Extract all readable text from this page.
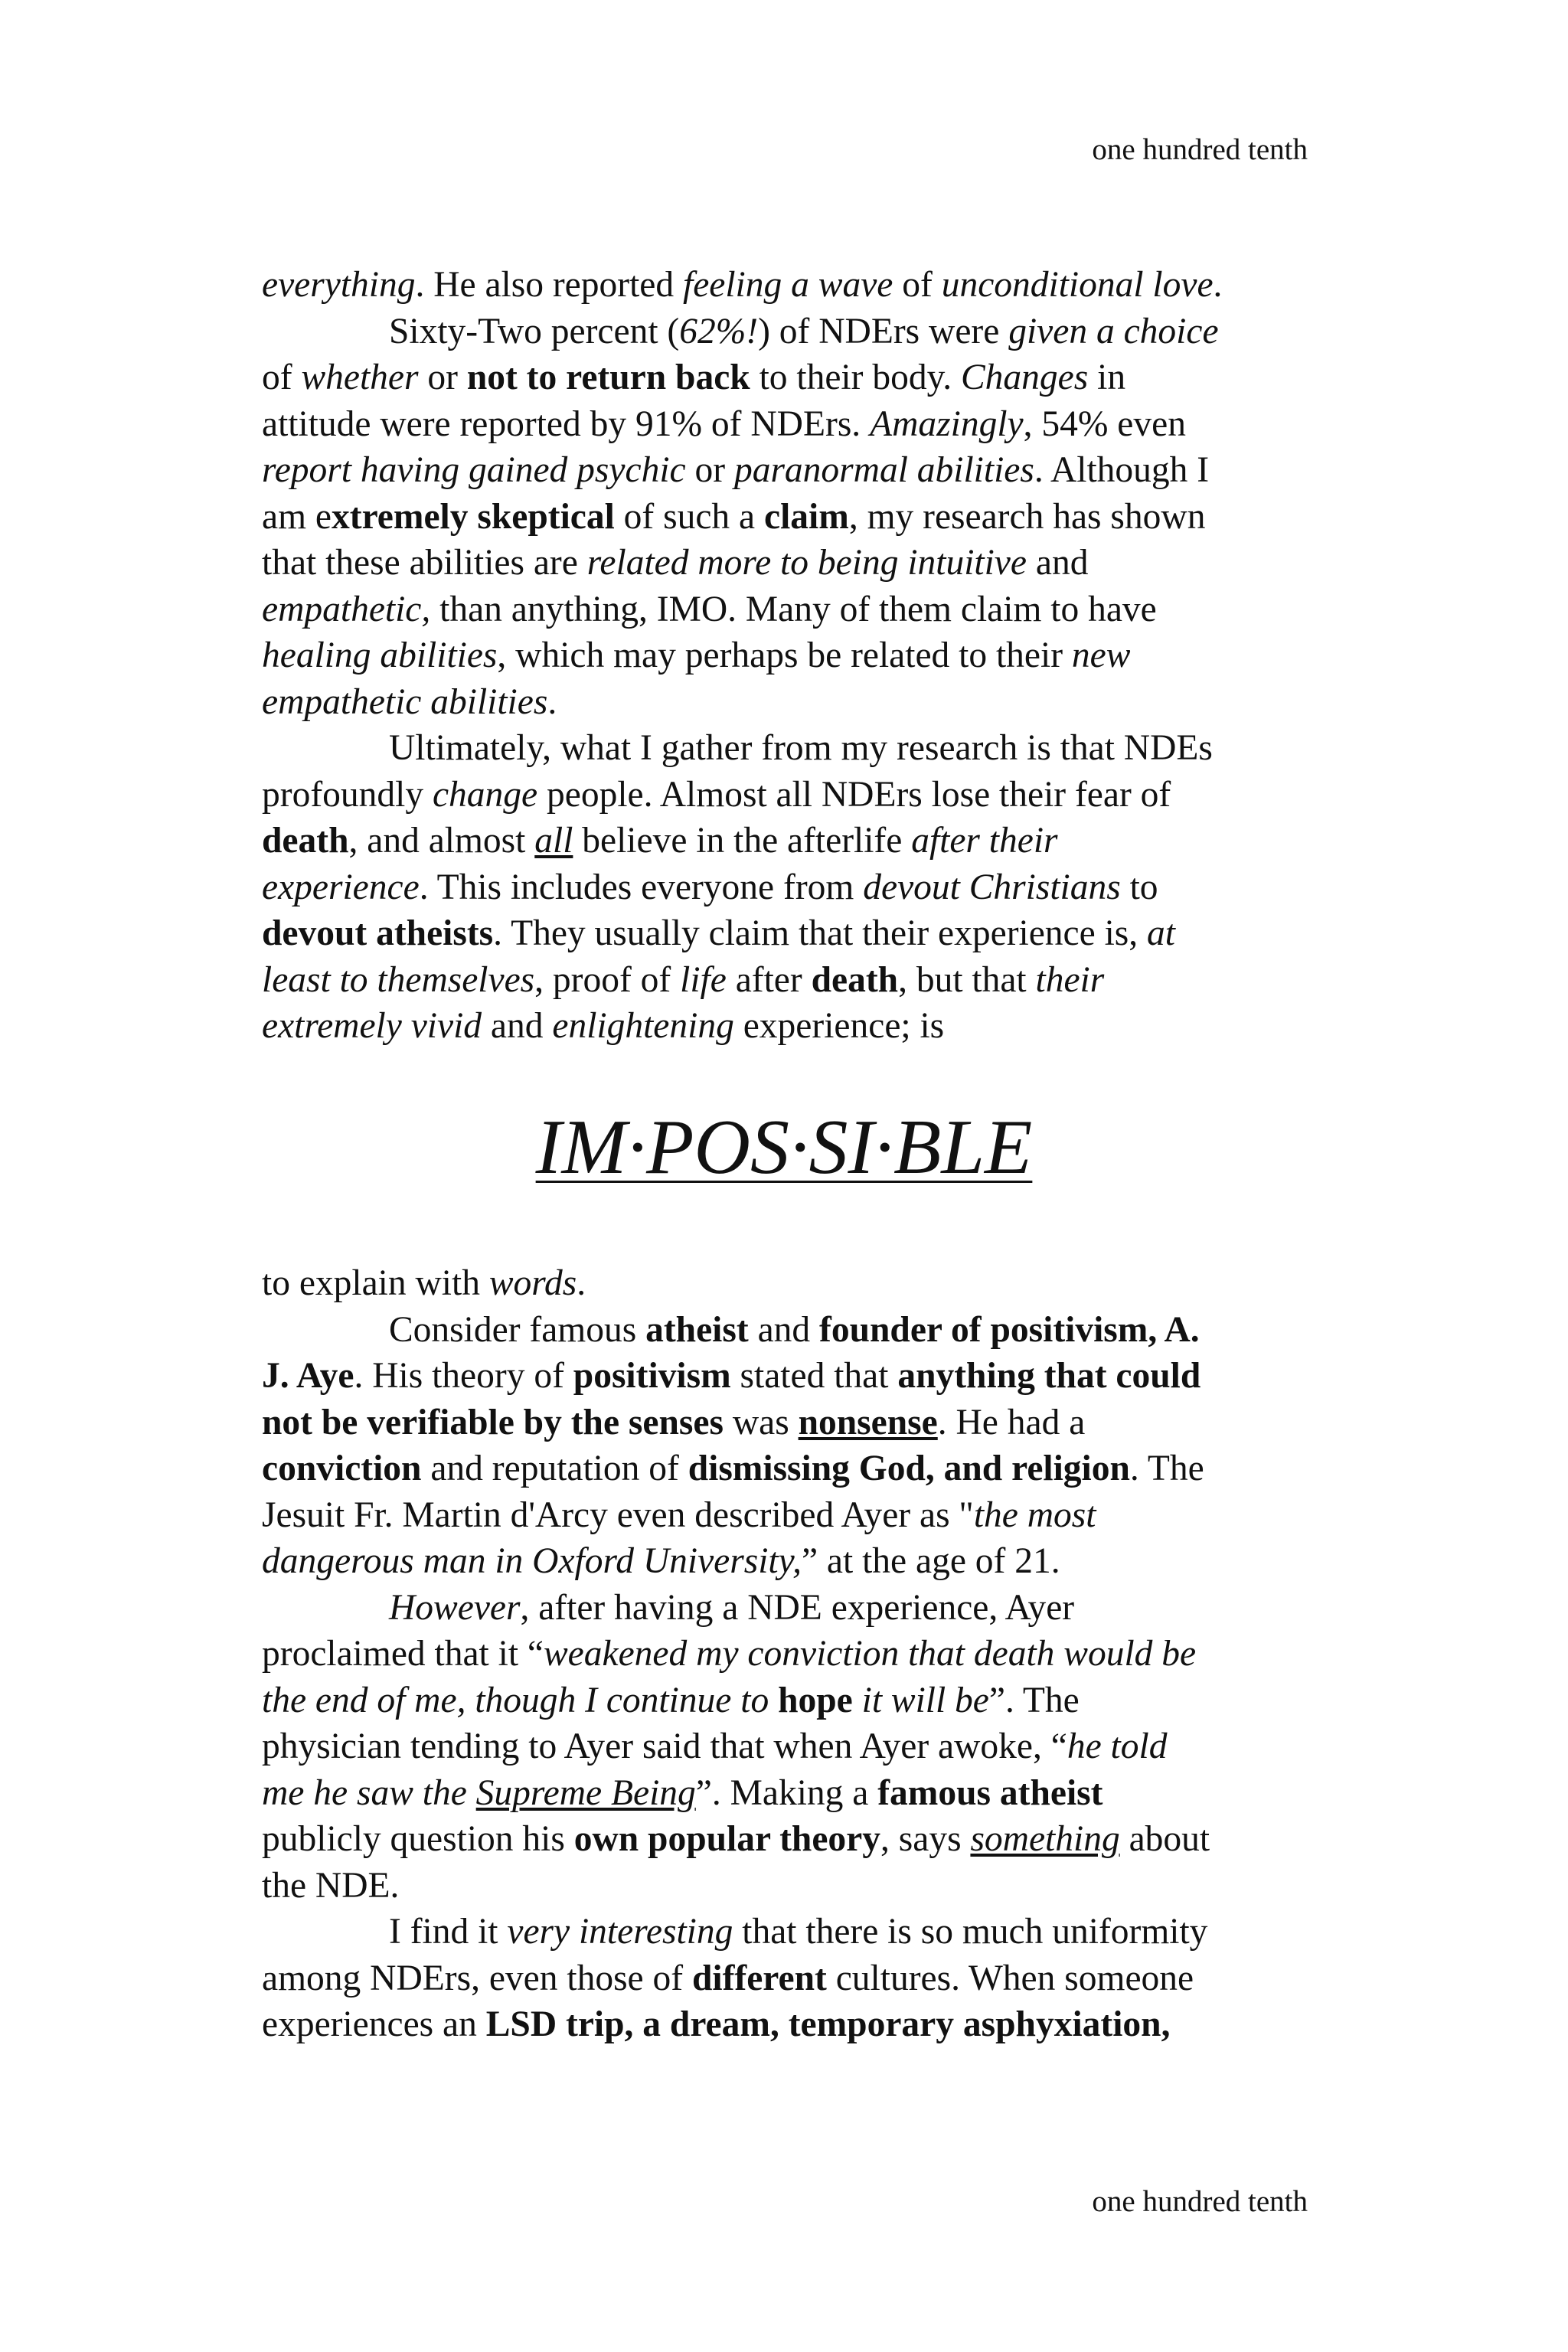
one hundred tenth
everything. He also reported feeling a wave of unconditional love.
Sixty-Two percent (62%!) of NDErs were given a choice
of whether or not to return back to their body. Changes in
attitude were reported by 91% of NDErs. Amazingly, 54% even
report having gained psychic or paranormal abilities. Although I
am extremely skeptical of such a claim, my research has shown
that these abilities are related more to being intuitive and
empathetic, than anything, IMO. Many of them claim to have
healing abilities, which may perhaps be related to their new
empathetic abilities.
Ultimately, what I gather from my research is that NDEs
profoundly change people. Almost all NDErs lose their fear of
death, and almost all believe in the afterlife after their
experience. This includes everyone from devout Christians to
devout atheists. They usually claim that their experience is, at
least to themselves, proof of life after death, but that their
extremely vivid and enlightening experience; is
IM·POS·SI·BLE
to explain with words.
Consider famous atheist and founder of positivism, A.
J. Aye. His theory of positivism stated that anything that could
not be verifiable by the senses was nonsense. He had a
conviction and reputation of dismissing God, and religion. The
Jesuit Fr. Martin d'Arcy even described Ayer as "the most
dangerous man in Oxford University,” at the age of 21.
However, after having a NDE experience, Ayer
proclaimed that it “weakened my conviction that death would be
the end of me, though I continue to hope it will be”. The
physician tending to Ayer said that when Ayer awoke, “he told
me he saw the Supreme Being”. Making a famous atheist
publicly question his own popular theory, says something about
the NDE.
I find it very interesting that there is so much uniformity
among NDErs, even those of different cultures. When someone
experiences an LSD trip, a dream, temporary asphyxiation,
one hundred tenth
